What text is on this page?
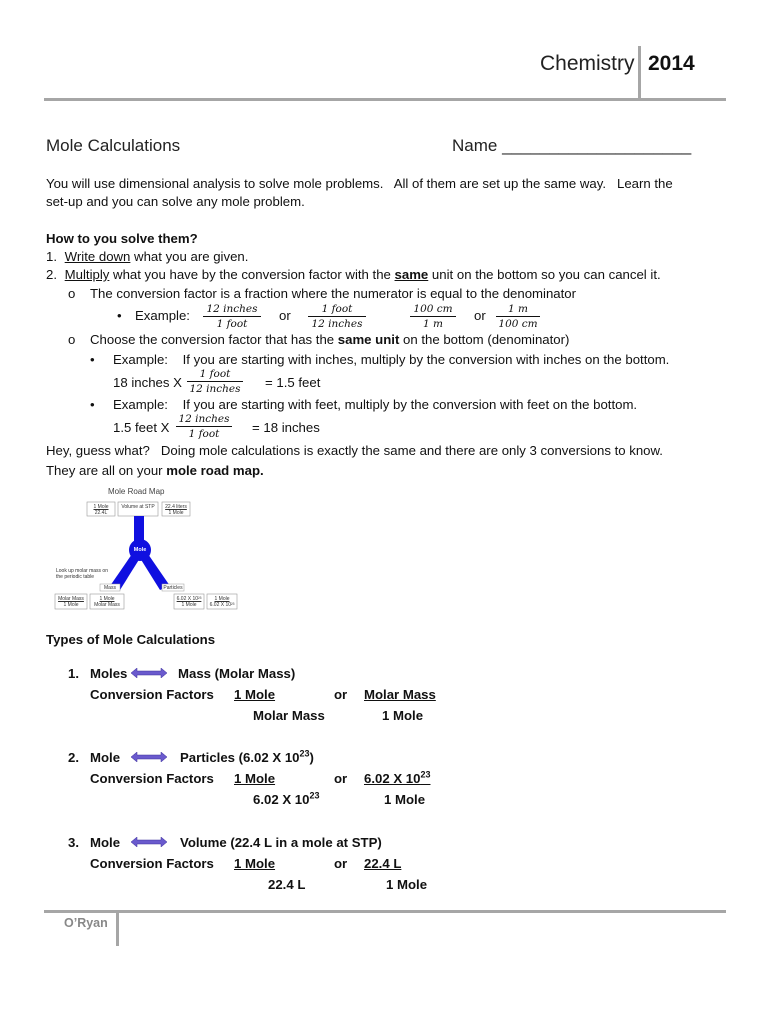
Chemistry 2014
Mole Calculations	Name ____________________
You will use dimensional analysis to solve mole problems.   All of them are set up the same way.   Learn the
set-up and you can solve any mole problem.
How to you solve them?
1. Write down what you are given.
2. Multiply what you have by the conversion factor with the same unit on the bottom so you can cancel it.
o The conversion factor is a fraction where the numerator is equal to the denominator
• Example:	12 inches
1 foot
or	1 foot
12 inches	$\frac{100 cm}{1 m}$ or $\frac{1 m}{100 cm}$
o Choose the conversion factor that has the same unit on the bottom (denominator)
• Example:    If you are starting with inches, multiply by the conversion with inches on the bottom.
18 inches X
1 foot
12 inches = 1.5 feet
• Example:    If you are starting with feet, multiply by the conversion with feet on the bottom.
1.5 feet X
12 inches
1 foot	= 18 inches
Hey, guess what?   Doing mole calculations is exactly the same and there are only 3 conversions to know.
They are all on your mole road map.
Mole Road Map
1 Mole
22.4L
Volume at STP	22.4 liters
1 Mole
Mole
Look up molar mass on the periodic table
Mass	Particles
Molar Mass
1 Mole
1 Mole
Molar Mass
6.02 X 10²³
1 Mole
1 Mole
6.02 X 10²³
Types of Mole Calculations
1. Moles	Mass (Molar Mass)
Conversion Factors 1 Mole	or Molar Mass
Molar Mass	1 Mole
2. Mole	Particles (6.02 X $10^{23}$)
Conversion Factors 1 Mole	or 6.02 X $10^{23}$
6.02 X $10^{23}$	1 Mole
3. Mole	Volume (22.4 L in a mole at STP)
Conversion Factors 1 Mole	or 22.4 L
22.4 L	1 Mole
O’Ryan
